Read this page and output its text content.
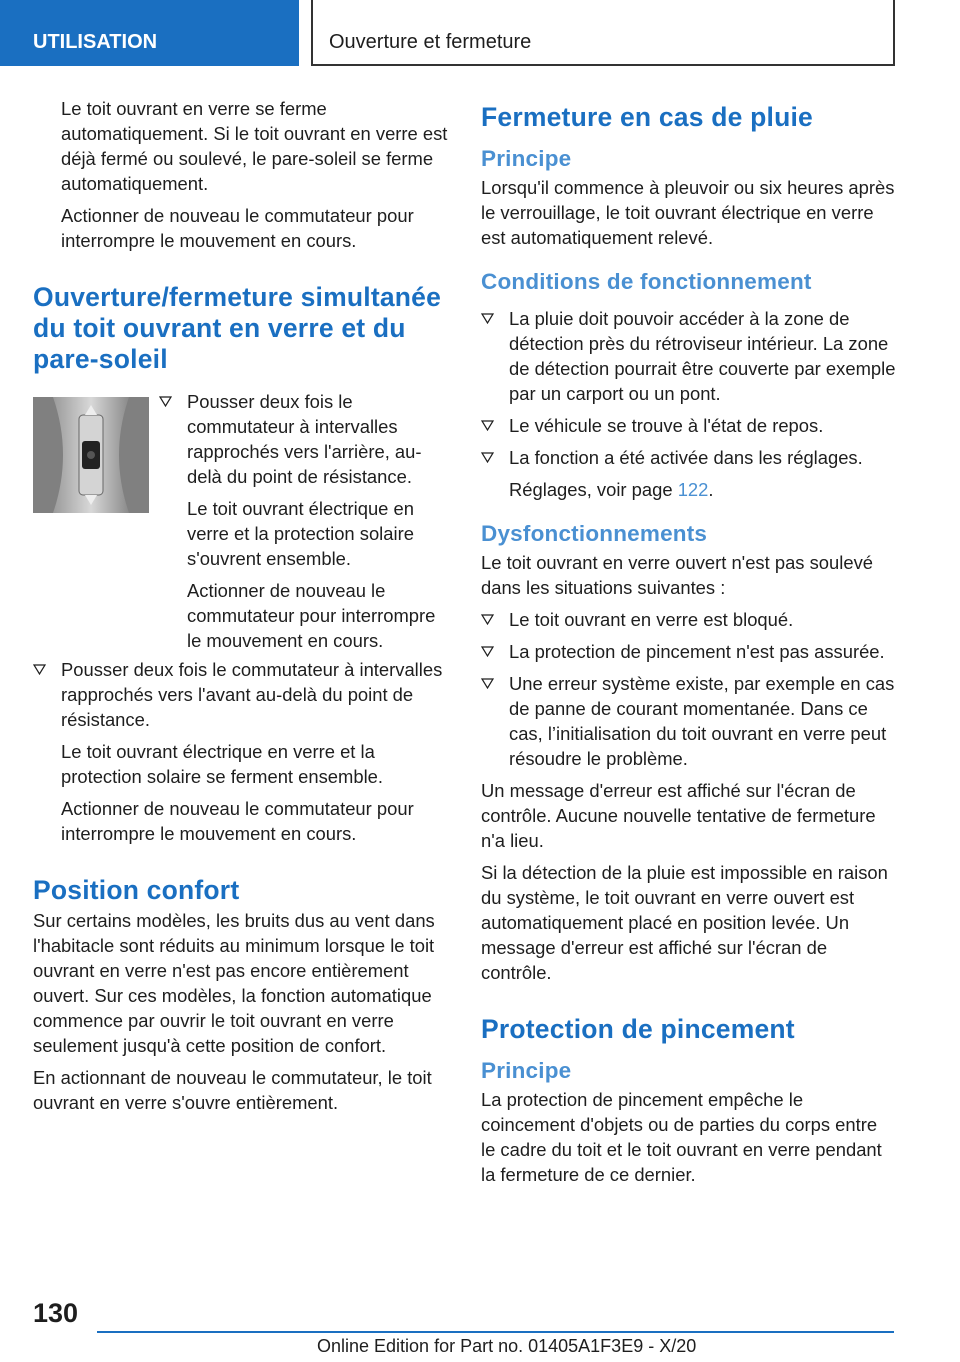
UTILISATION	Ouverture et fermeture

Le toit ouvrant en verre se ferme automatiquement. Si le toit ouvrant en verre est déjà fermé ou soulevé, le pare-soleil se ferme automatiquement.

Actionner de nouveau le commutateur pour interrompre le mouvement en cours.

Ouverture/fermeture simultanée du toit ouvrant en verre et du pare-soleil

Pousser deux fois le commutateur à intervalles rapprochés vers l'arrière, au-delà du point de résistance.

Le toit ouvrant électrique en verre et la protection solaire s'ouvrent ensemble.

Actionner de nouveau le commutateur pour interrompre le mouvement en cours.

Pousser deux fois le commutateur à intervalles rapprochés vers l'avant au-delà du point de résistance.

Le toit ouvrant électrique en verre et la protection solaire se ferment ensemble.

Actionner de nouveau le commutateur pour interrompre le mouvement en cours.

Position confort

Sur certains modèles, les bruits dus au vent dans l'habitacle sont réduits au minimum lorsque le toit ouvrant en verre n'est pas encore entièrement ouvert. Sur ces modèles, la fonction automatique commence par ouvrir le toit ouvrant en verre seulement jusqu'à cette position de confort.

En actionnant de nouveau le commutateur, le toit ouvrant en verre s'ouvre entièrement.

Fermeture en cas de pluie
Principe

Lorsqu'il commence à pleuvoir ou six heures après le verrouillage, le toit ouvrant électrique en verre est automatiquement relevé.

Conditions de fonctionnement
La pluie doit pouvoir accéder à la zone de détection près du rétroviseur intérieur. La zone de détection pourrait être couverte par exemple par un carport ou un pont.
Le véhicule se trouve à l'état de repos.

La fonction a été activée dans les réglages.

Réglages, voir page 122.

Dysfonctionnements

Le toit ouvrant en verre ouvert n'est pas soulevé dans les situations suivantes :

Le toit ouvrant en verre est bloqué.
La protection de pincement n'est pas assurée.
Une erreur système existe, par exemple en cas de panne de courant momentanée. Dans ce cas, l’initialisation du toit ouvrant en verre peut résoudre le problème.

Un message d'erreur est affiché sur l'écran de contrôle. Aucune nouvelle tentative de fermeture n'a lieu.

Si la détection de la pluie est impossible en raison du système, le toit ouvrant en verre ouvert est automatiquement placé en position levée. Un message d'erreur est affiché sur l'écran de contrôle.

Protection de pincement
Principe

La protection de pincement empêche le coincement d'objets ou de parties du corps entre le cadre du toit et le toit ouvrant en verre pendant la fermeture de ce dernier.

130
Online Edition for Part no. 01405A1F3E9 - X/20
